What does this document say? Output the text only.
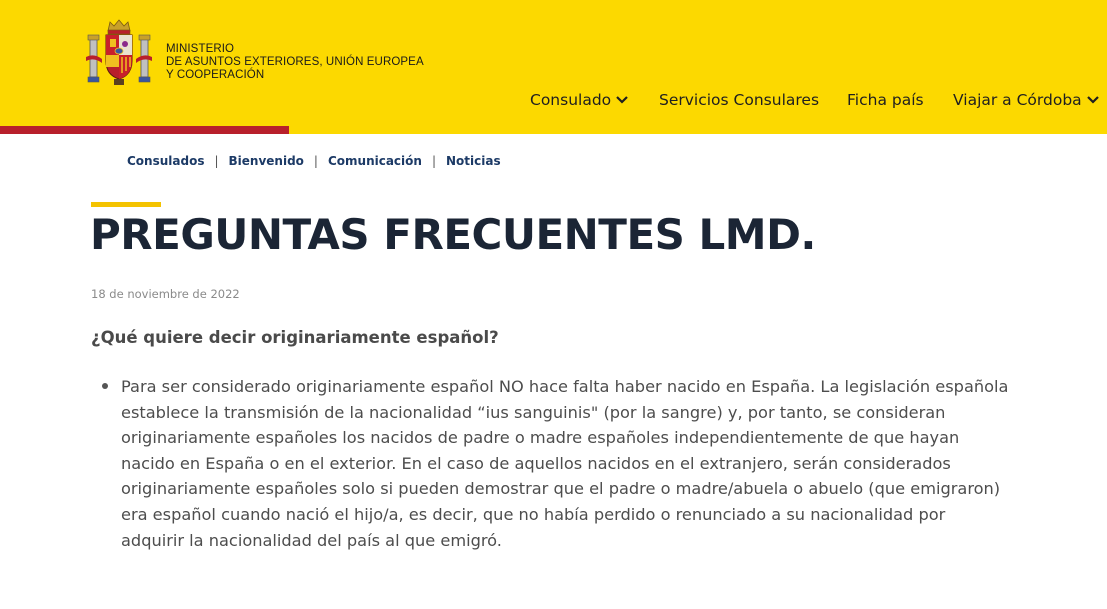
MINISTERIO
DE ASUNTOS EXTERIORES, UNIÓN EUROPEA
Y COOPERACIÓN
Consulado	Servicios Consulares Ficha país Viajar a Córdoba
Consulados | Bienvenido | Comunicación | Noticias
PREGUNTAS FRECUENTES LMD.
18 de noviembre de 2022
¿Qué quiere decir originariamente español?
Para ser considerado originariamente español NO hace falta haber nacido en España. La legislación española
establece la transmisión de la nacionalidad “ius sanguinis" (por la sangre) y, por tanto, se consideran
originariamente españoles los nacidos de padre o madre españoles independientemente de que hayan
nacido en España o en el exterior. En el caso de aquellos nacidos en el extranjero, serán considerados
originariamente españoles solo si pueden demostrar que el padre o madre/abuela o abuelo (que emigraron)
era español cuando nació el hijo/a, es decir, que no había perdido o renunciado a su nacionalidad por
adquirir la nacionalidad del país al que emigró.
